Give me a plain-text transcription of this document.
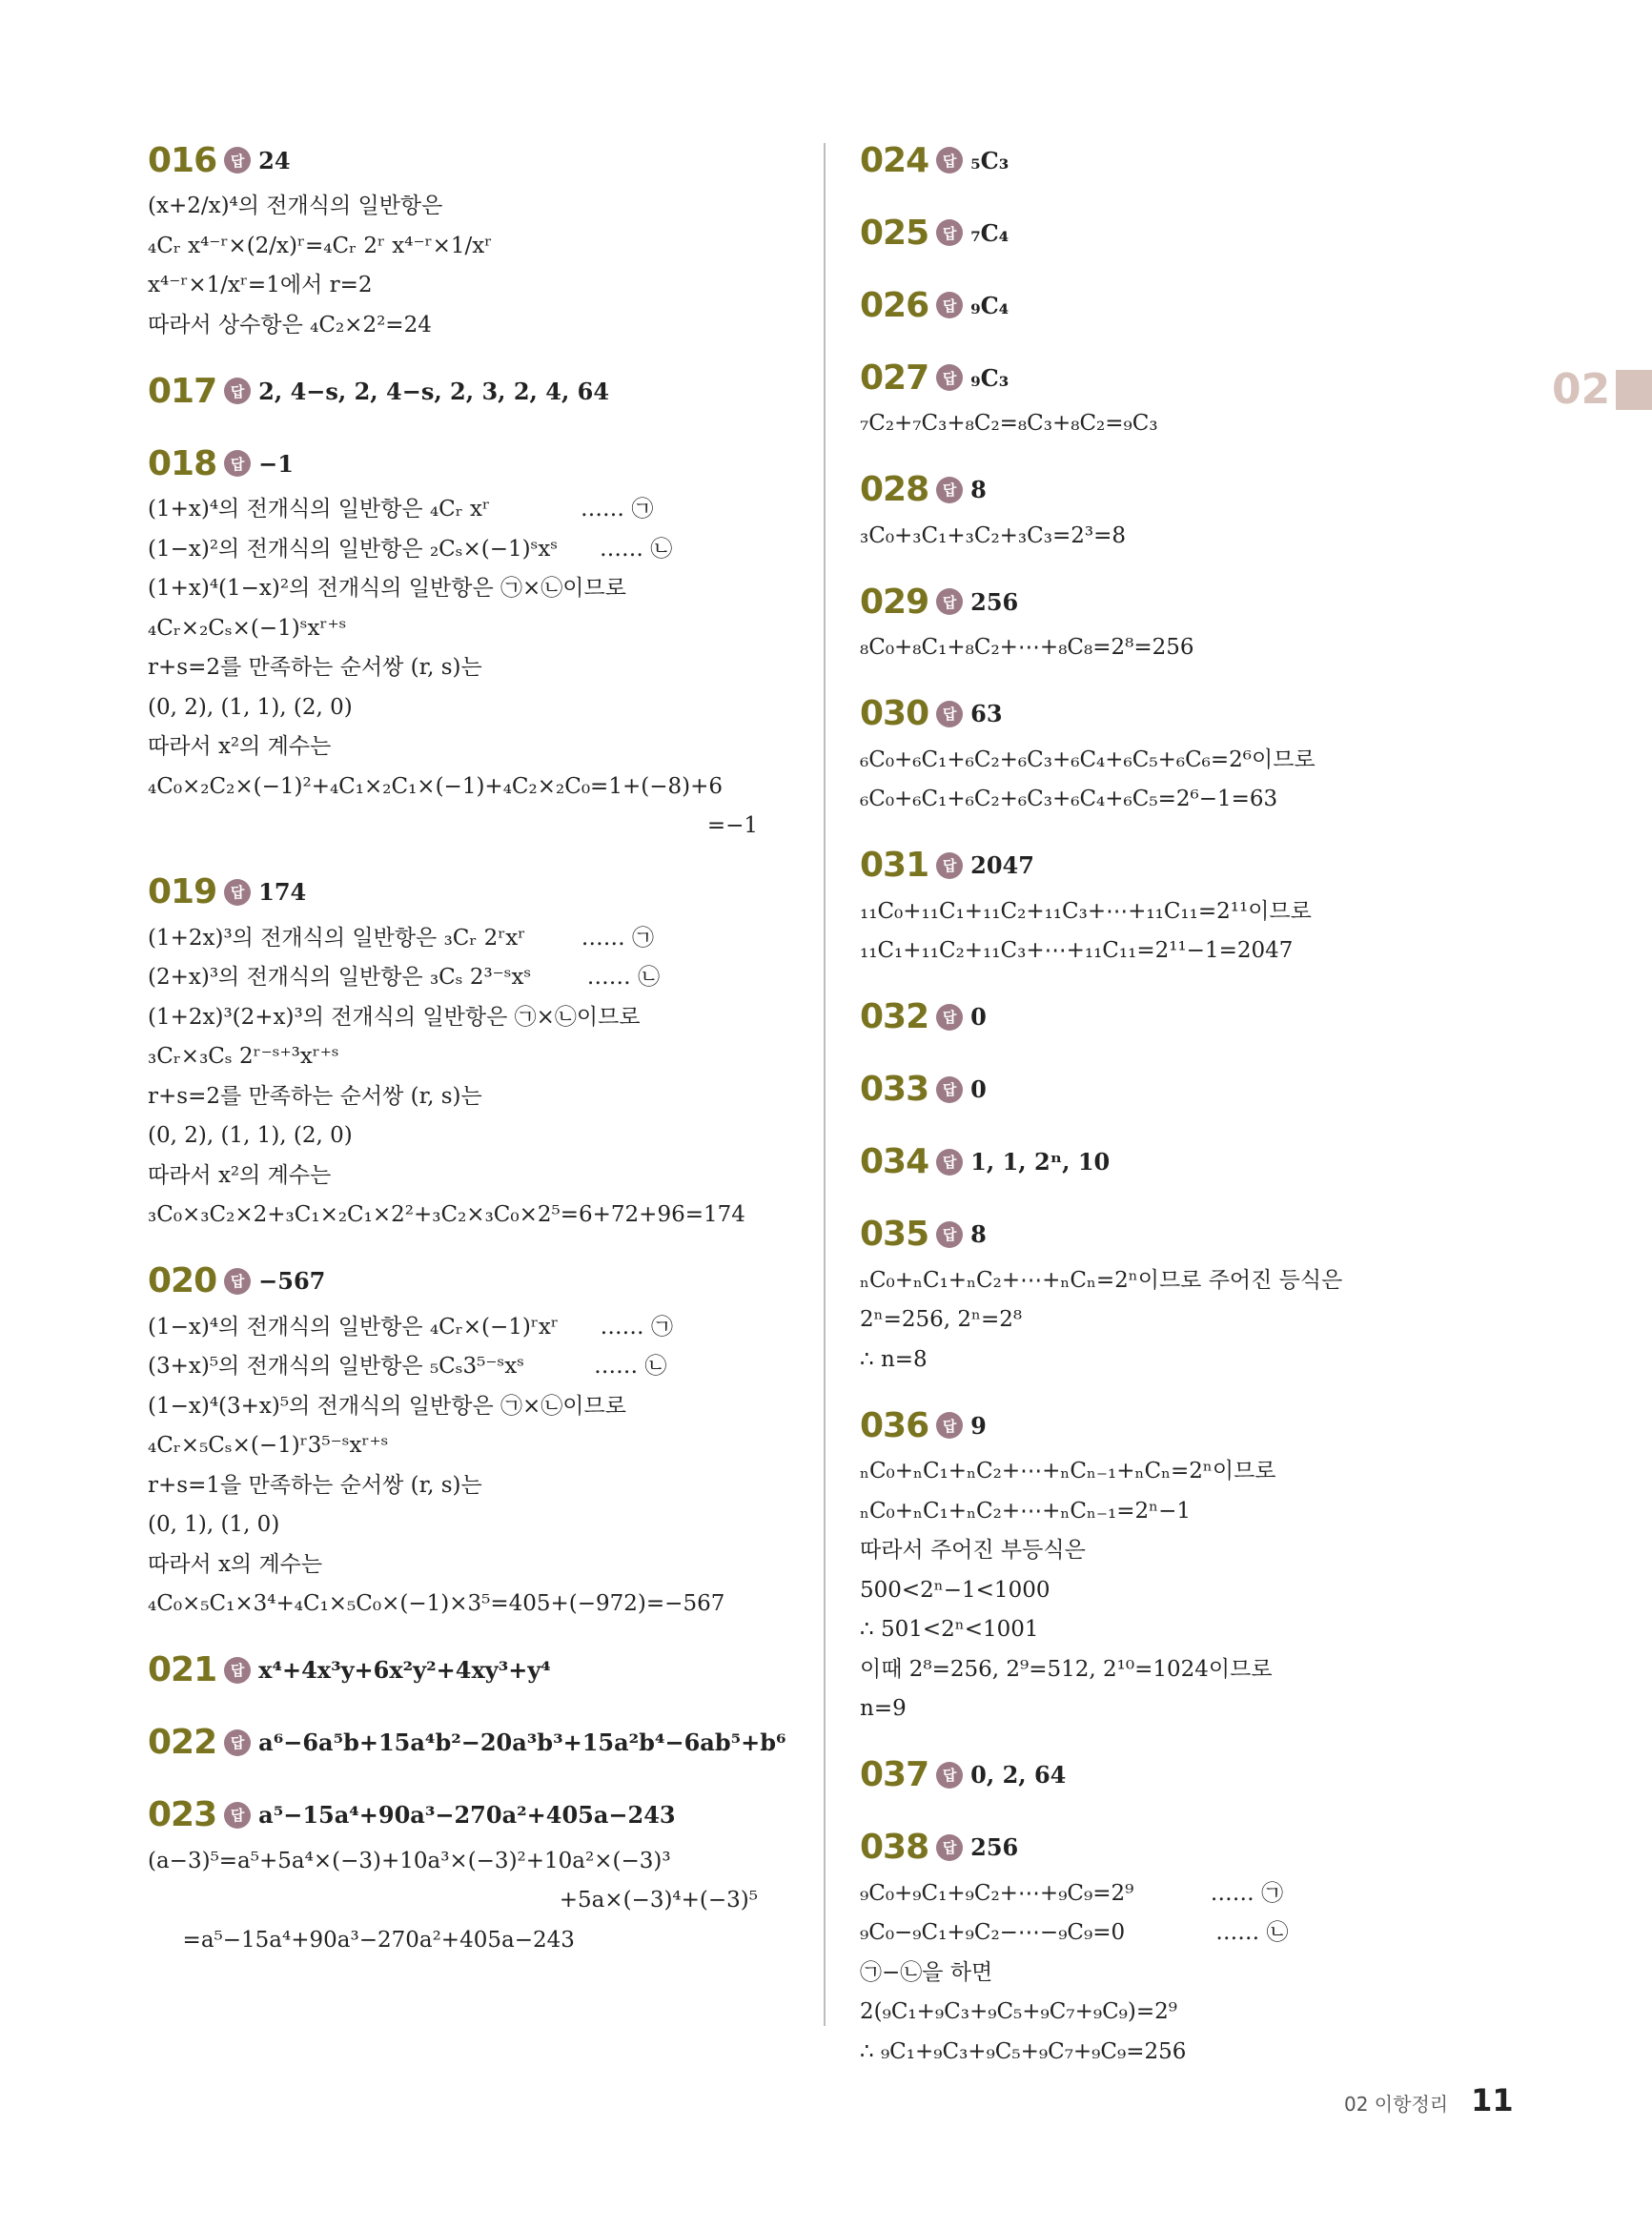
016 답 24
(x+2/x)⁴의 전개식의 일반항은
₄Cᵣ x⁴⁻ʳ×(2/x)ʳ=₄Cᵣ 2ʳ x⁴⁻ʳ×1/xʳ
x⁴⁻ʳ×1/xʳ=1에서 r=2
따라서 상수항은 ₄C₂×2²=24
017 답 2, 4−s, 2, 4−s, 2, 3, 2, 4, 64
018 답 −1
(1+x)⁴의 전개식의 일반항은 ₄Cᵣ xʳ             …… ㉠
(1−x)²의 전개식의 일반항은 ₂Cₛ×(−1)ˢxˢ      …… ㉡
(1+x)⁴(1−x)²의 전개식의 일반항은 ㉠×㉡이므로
₄Cᵣ×₂Cₛ×(−1)ˢxʳ⁺ˢ
r+s=2를 만족하는 순서쌍 (r, s)는
(0, 2), (1, 1), (2, 0)
따라서 x²의 계수는
₄C₀×₂C₂×(−1)²+₄C₁×₂C₁×(−1)+₄C₂×₂C₀=1+(−8)+6
=−1
019 답 174
(1+2x)³의 전개식의 일반항은 ₃Cᵣ 2ʳxʳ        …… ㉠
(2+x)³의 전개식의 일반항은 ₃Cₛ 2³⁻ˢxˢ        …… ㉡
(1+2x)³(2+x)³의 전개식의 일반항은 ㉠×㉡이므로
₃Cᵣ×₃Cₛ 2ʳ⁻ˢ⁺³xʳ⁺ˢ
r+s=2를 만족하는 순서쌍 (r, s)는
(0, 2), (1, 1), (2, 0)
따라서 x²의 계수는
₃C₀×₃C₂×2+₃C₁×₂C₁×2²+₃C₂×₃C₀×2⁵=6+72+96=174
020 답 −567
(1−x)⁴의 전개식의 일반항은 ₄Cᵣ×(−1)ʳxʳ      …… ㉠
(3+x)⁵의 전개식의 일반항은 ₅Cₛ3⁵⁻ˢxˢ          …… ㉡
(1−x)⁴(3+x)⁵의 전개식의 일반항은 ㉠×㉡이므로
₄Cᵣ×₅Cₛ×(−1)ʳ3⁵⁻ˢxʳ⁺ˢ
r+s=1을 만족하는 순서쌍 (r, s)는
(0, 1), (1, 0)
따라서 x의 계수는
₄C₀×₅C₁×3⁴+₄C₁×₅C₀×(−1)×3⁵=405+(−972)=−567
021 답 x⁴+4x³y+6x²y²+4xy³+y⁴
022 답 a⁶−6a⁵b+15a⁴b²−20a³b³+15a²b⁴−6ab⁵+b⁶
023 답 a⁵−15a⁴+90a³−270a²+405a−243
(a−3)⁵=a⁵+5a⁴×(−3)+10a³×(−3)²+10a²×(−3)³
+5a×(−3)⁴+(−3)⁵
=a⁵−15a⁴+90a³−270a²+405a−243
024 답 ₅C₃
025 답 ₇C₄
026 답 ₉C₄
027 답 ₉C₃
₇C₂+₇C₃+₈C₂=₈C₃+₈C₂=₉C₃
028 답 8
₃C₀+₃C₁+₃C₂+₃C₃=2³=8
029 답 256
₈C₀+₈C₁+₈C₂+⋯+₈C₈=2⁸=256
030 답 63
₆C₀+₆C₁+₆C₂+₆C₃+₆C₄+₆C₅+₆C₆=2⁶이므로
₆C₀+₆C₁+₆C₂+₆C₃+₆C₄+₆C₅=2⁶−1=63
031 답 2047
₁₁C₀+₁₁C₁+₁₁C₂+₁₁C₃+⋯+₁₁C₁₁=2¹¹이므로
₁₁C₁+₁₁C₂+₁₁C₃+⋯+₁₁C₁₁=2¹¹−1=2047
032 답 0
033 답 0
034 답 1, 1, 2ⁿ, 10
035 답 8
ₙC₀+ₙC₁+ₙC₂+⋯+ₙCₙ=2ⁿ이므로 주어진 등식은
2ⁿ=256, 2ⁿ=2⁸
∴ n=8
036 답 9
ₙC₀+ₙC₁+ₙC₂+⋯+ₙCₙ₋₁+ₙCₙ=2ⁿ이므로
ₙC₀+ₙC₁+ₙC₂+⋯+ₙCₙ₋₁=2ⁿ−1
따라서 주어진 부등식은
500<2ⁿ−1<1000
∴ 501<2ⁿ<1001
이때 2⁸=256, 2⁹=512, 2¹⁰=1024이므로
n=9
037 답 0, 2, 64
038 답 256
₉C₀+₉C₁+₉C₂+⋯+₉C₉=2⁹           …… ㉠
₉C₀−₉C₁+₉C₂−⋯−₉C₉=0             …… ㉡
㉠−㉡을 하면
2(₉C₁+₉C₃+₉C₅+₉C₇+₉C₉)=2⁹
∴ ₉C₁+₉C₃+₉C₅+₉C₇+₉C₉=256
02
02 이항정리 11
